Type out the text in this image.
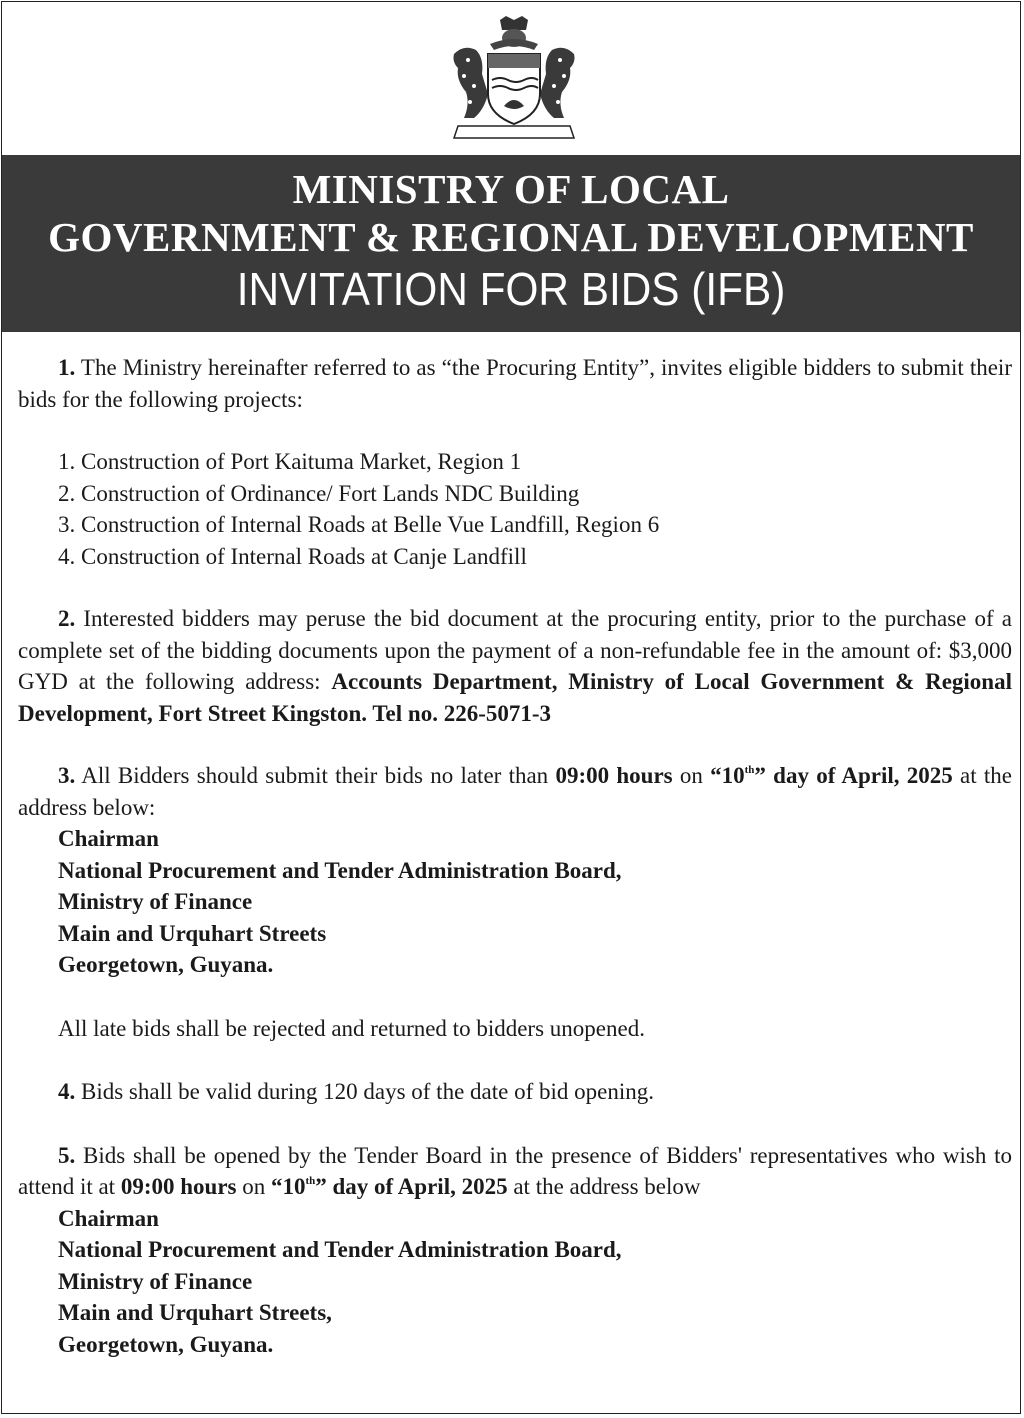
MINISTRY OF LOCAL
GOVERNMENT & REGIONAL DEVELOPMENT
INVITATION FOR BIDS (IFB)

1. The Ministry hereinafter referred to as “the Procuring Entity”, invites eligible bidders to submit their bids for the following projects:

1. Construction of Port Kaituma Market, Region 1
2. Construction of Ordinance/ Fort Lands NDC Building
3. Construction of Internal Roads at Belle Vue Landfill, Region 6
4. Construction of Internal Roads at Canje Landfill

2. Interested bidders may peruse the bid document at the procuring entity, prior to the purchase of a complete set of the bidding documents upon the payment of a non-refundable fee in the amount of: $3,000 GYD at the following address: Accounts Department, Ministry of Local Government & Regional Development, Fort Street Kingston. Tel no. 226-5071-3

3. All Bidders should submit their bids no later than 09:00 hours on “10th” day of April, 2025 at the address below:

Chairman
National Procurement and Tender Administration Board,
Ministry of Finance
Main and Urquhart Streets
Georgetown, Guyana.
All late bids shall be rejected and returned to bidders unopened.

4. Bids shall be valid during 120 days of the date of bid opening.

5. Bids shall be opened by the Tender Board in the presence of Bidders' representatives who wish to attend it at 09:00 hours on “10th” day of April, 2025 at the address below

Chairman
National Procurement and Tender Administration Board,
Ministry of Finance
Main and Urquhart Streets,
Georgetown, Guyana.
